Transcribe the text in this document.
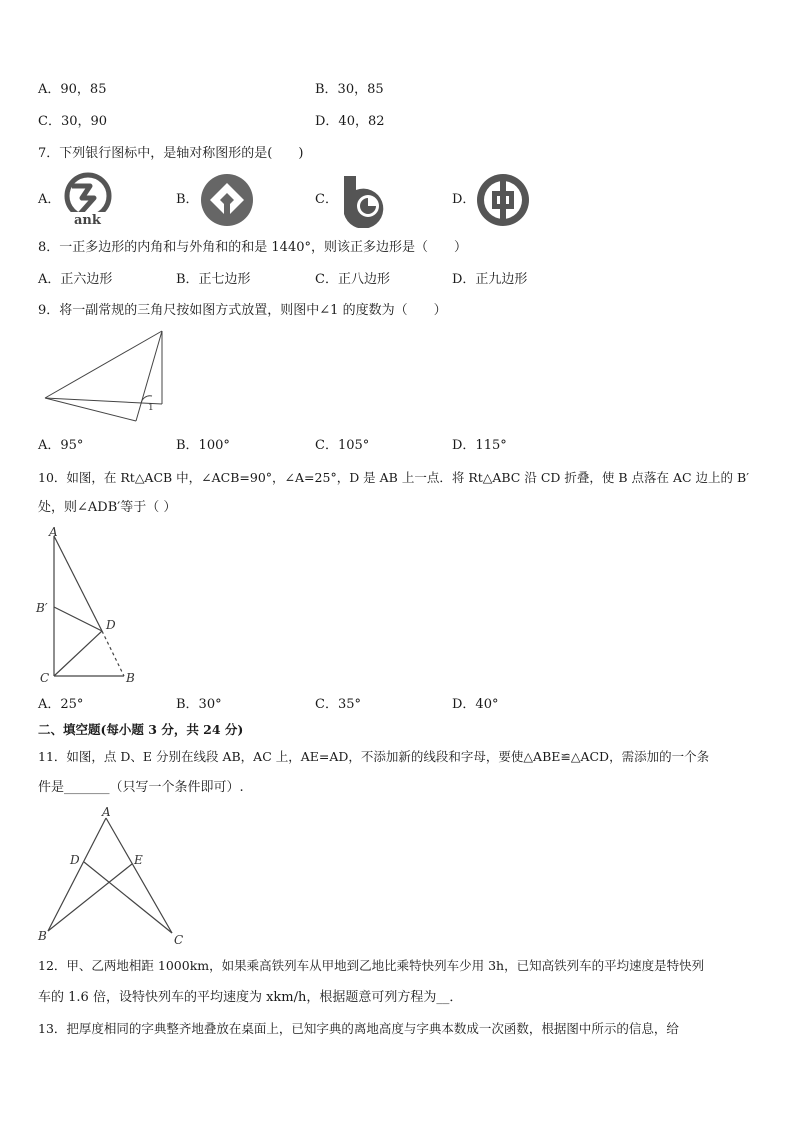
A．90，85	B．30，85
C．30，90	D．40，82
7．下列银行图标中，是轴对称图形的是(　　)
A．
ank
B．	C．	D．
8．一正多边形的内角和与外角和的和是 1440°，则该正多边形是（　　）
A．正六边形	B．正七边形	C．正八边形	D．正九边形
9．将一副常规的三角尺按如图方式放置，则图中∠1 的度数为（　　）
1
A．95°	B．100°	C．105°	D．115°
10．如图，在 Rt△ACB 中，∠ACB=90°，∠A=25°，D 是 AB 上一点．将 Rt△ABC 沿 CD 折叠，使 B 点落在 AC 边上的 B′
处，则∠ADB′等于（ ）
A
B′
D
C	B
A．25°	B．30°	C．35°	D．40°
二、填空题(每小题 3 分，共 24 分)
11．如图，点 D、E 分别在线段 AB，AC 上，AE=AD，不添加新的线段和字母，要使△ABE≌△ACD，需添加的一个条
件是_______（只写一个条件即可）.
A
D	E
B	C
12．甲、乙两地相距 1000km，如果乘高铁列车从甲地到乙地比乘特快列车少用 3h，已知高铁列车的平均速度是特快列
车的 1.6 倍，设特快列车的平均速度为 xkm/h，根据题意可列方程为__．
13．把厚度相同的字典整齐地叠放在桌面上，已知字典的离地高度与字典本数成一次函数，根据图中所示的信息，给
